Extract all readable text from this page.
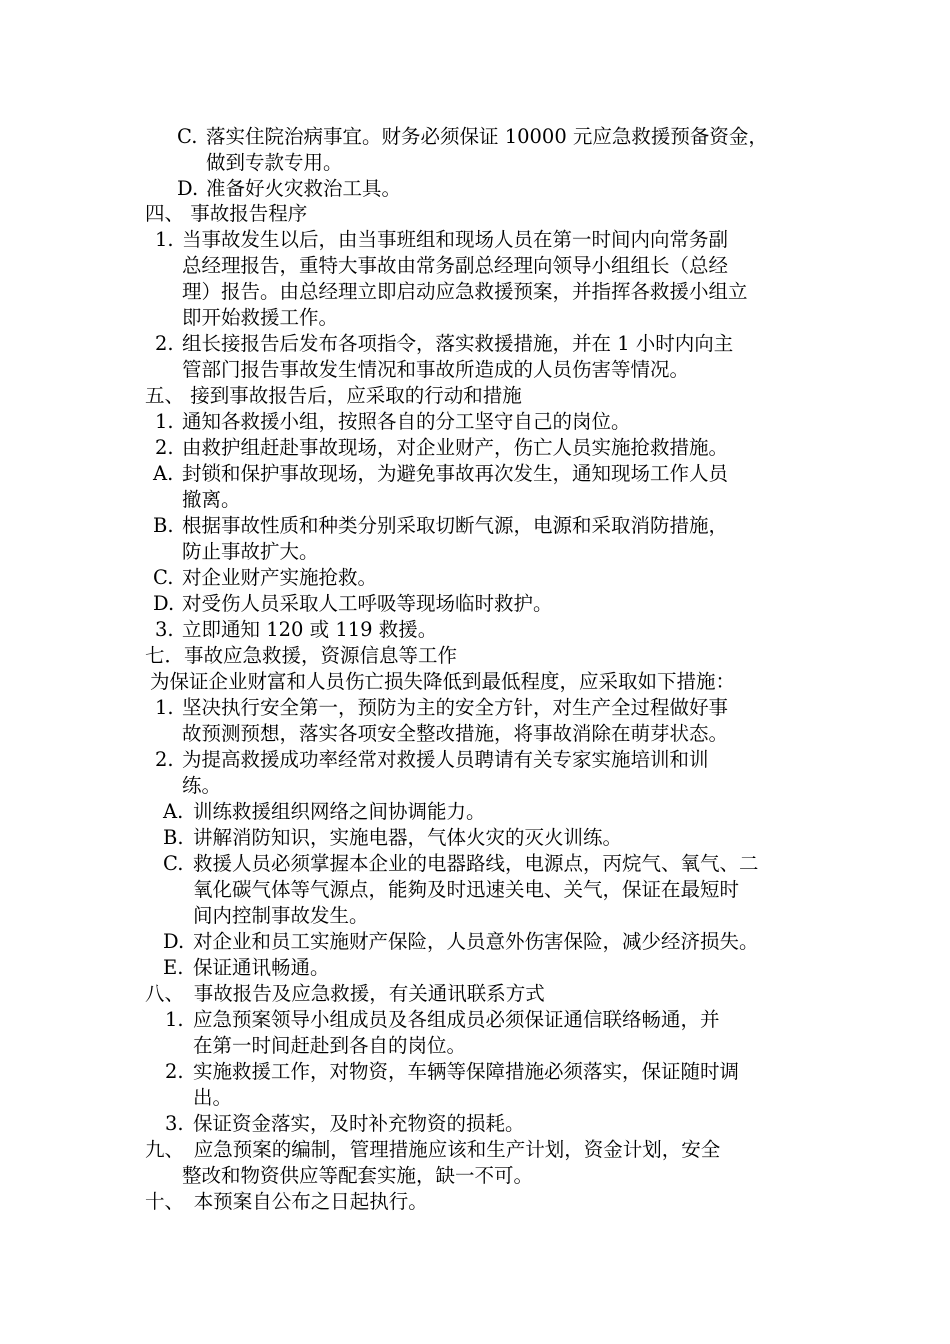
C. 落实住院治病事宜。财务必须保证 10000 元应急救援预备资金，
做到专款专用。
D. 准备好火灾救治工具。
四、 事故报告程序
1. 当事故发生以后，由当事班组和现场人员在第一时间内向常务副
总经理报告，重特大事故由常务副总经理向领导小组组长（总经
理）报告。由总经理立即启动应急救援预案，并指挥各救援小组立
即开始救援工作。
2. 组长接报告后发布各项指令，落实救援措施，并在 1 小时内向主
管部门报告事故发生情况和事故所造成的人员伤害等情况。
五、 接到事故报告后，应采取的行动和措施
1. 通知各救援小组，按照各自的分工坚守自己的岗位。
2. 由救护组赶赴事故现场，对企业财产，伤亡人员实施抢救措施。
A. 封锁和保护事故现场，为避免事故再次发生，通知现场工作人员
撤离。
B. 根据事故性质和种类分别采取切断气源，电源和采取消防措施，
防止事故扩大。
C. 对企业财产实施抢救。
D. 对受伤人员采取人工呼吸等现场临时救护。
3. 立即通知 120 或 119 救援。
七．事故应急救援，资源信息等工作
为保证企业财富和人员伤亡损失降低到最低程度，应采取如下措施：
1. 坚决执行安全第一，预防为主的安全方针，对生产全过程做好事
故预测预想，落实各项安全整改措施，将事故消除在萌芽状态。
2. 为提高救援成功率经常对救援人员聘请有关专家实施培训和训
练。
A. 训练救援组织网络之间协调能力。
B. 讲解消防知识，实施电器，气体火灾的灭火训练。
C. 救援人员必须掌握本企业的电器路线，电源点，丙烷气、氧气、二
氧化碳气体等气源点，能夠及时迅速关电、关气，保证在最短时
间内控制事故发生。
D. 对企业和员工实施财产保险，人员意外伤害保险，减少经济损失。
E. 保证通讯畅通。
八、　事故报告及应急救援，有关通讯联系方式
1. 应急预案领导小组成员及各组成员必须保证通信联络畅通，并
在第一时间赶赴到各自的岗位。
2. 实施救援工作，对物资，车辆等保障措施必须落实，保证随时调
出。
3. 保证资金落实，及时补充物资的损耗。
九、　应急预案的编制，管理措施应该和生产计划，资金计划，安全
整改和物资供应等配套实施，缺一不可。
十、　本预案自公布之日起执行。
